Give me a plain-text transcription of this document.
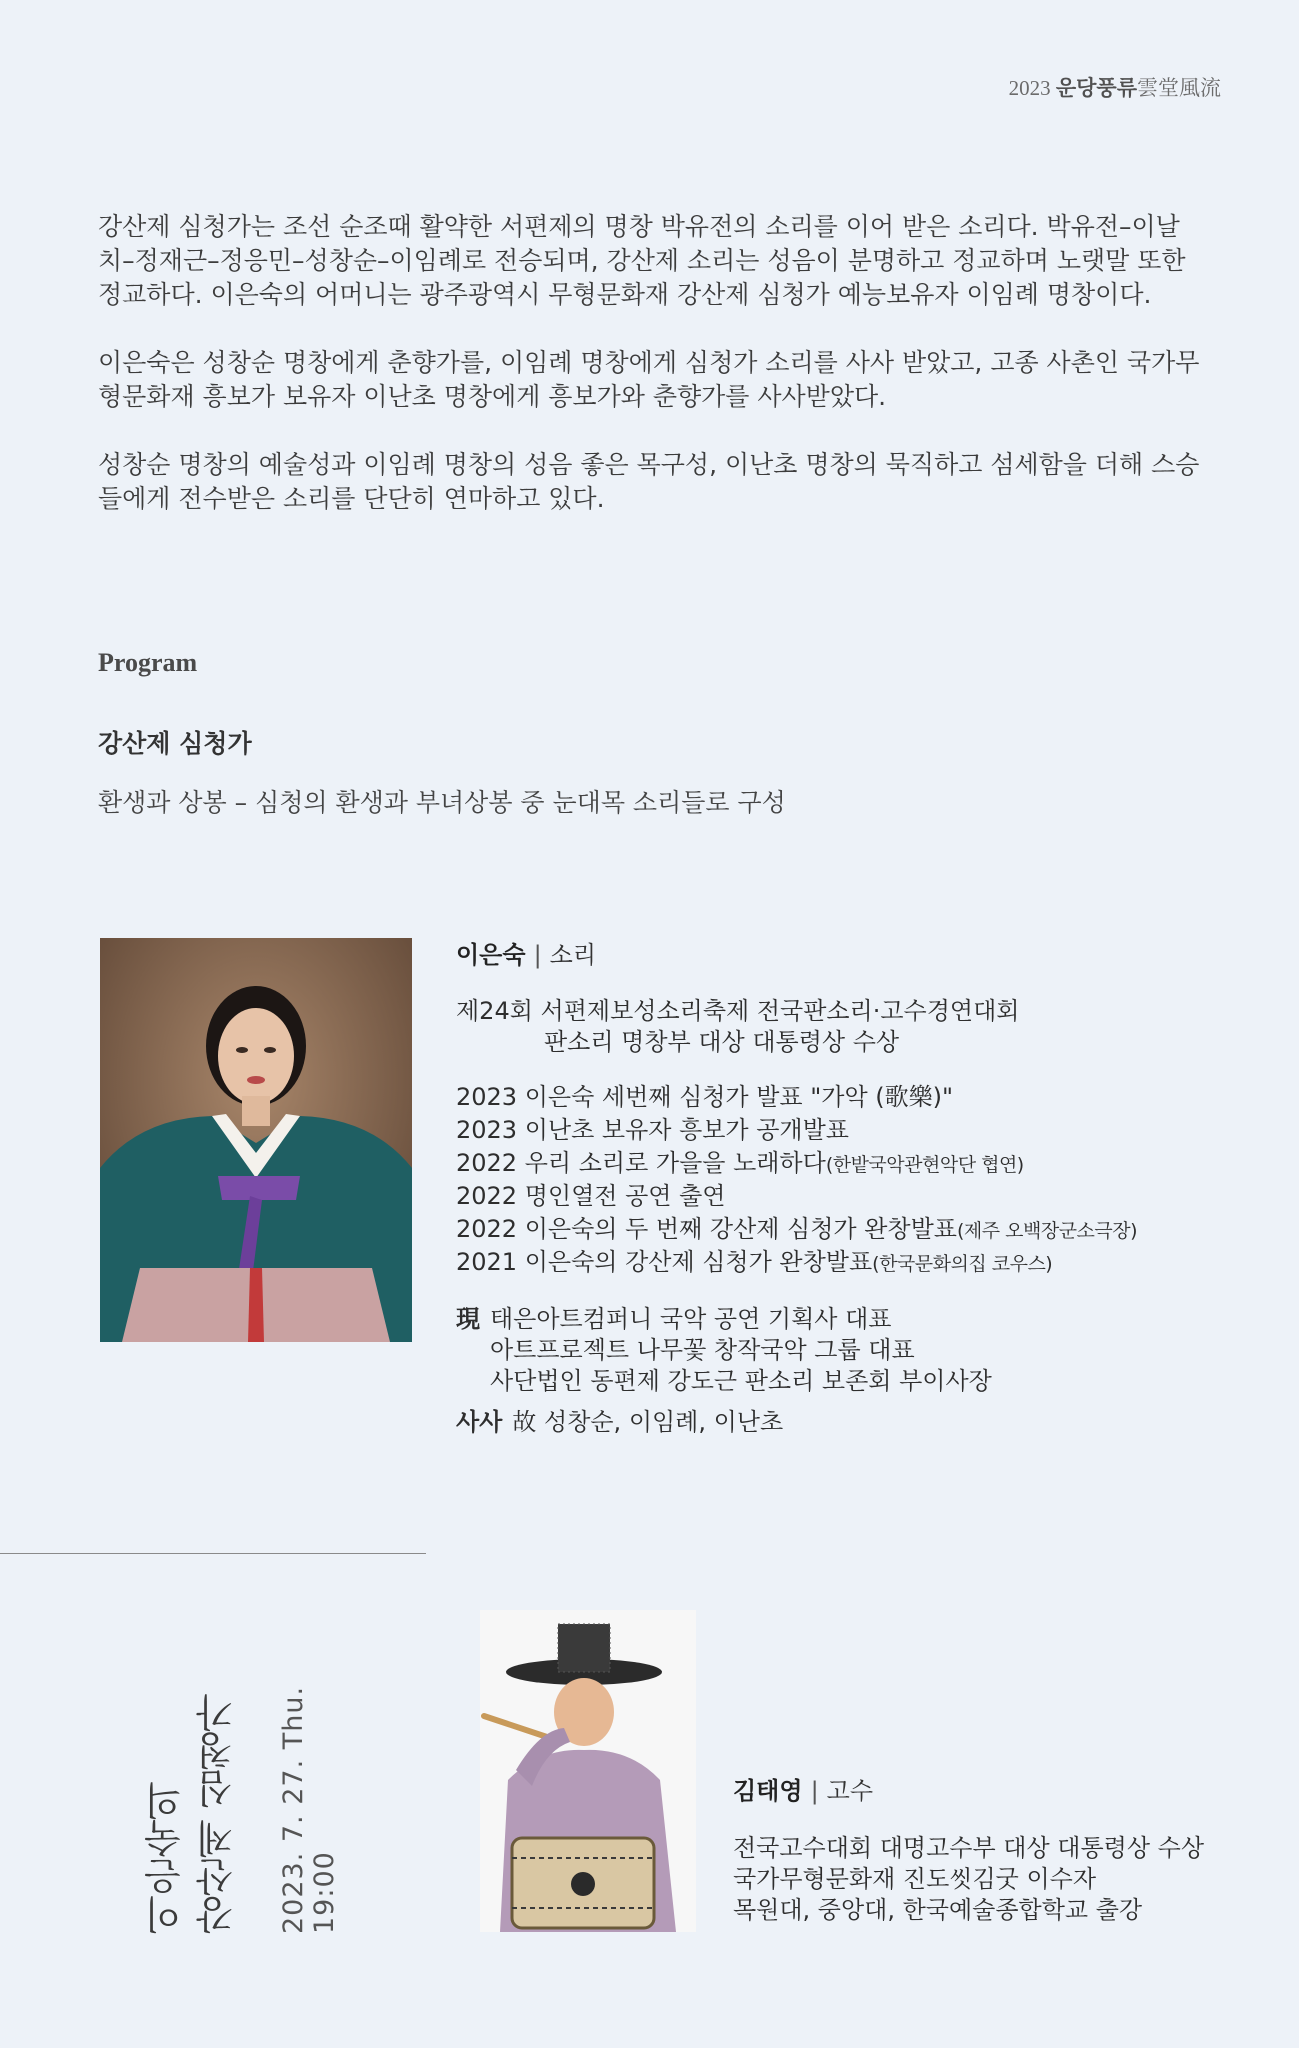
2023 운당풍류雲堂風流

강산제 심청가는 조선 순조때 활약한 서편제의 명창 박유전의 소리를 이어 받은 소리다. 박유전–이날치–정재근–정응민–성창순–이임례로 전승되며, 강산제 소리는 성음이 분명하고 정교하며 노랫말 또한 정교하다. 이은숙의 어머니는 광주광역시 무형문화재 강산제 심청가 예능보유자 이임례 명창이다.

이은숙은 성창순 명창에게 춘향가를, 이임례 명창에게 심청가 소리를 사사 받았고, 고종 사촌인 국가무형문화재 흥보가 보유자 이난초 명창에게 흥보가와 춘향가를 사사받았다.

성창순 명창의 예술성과 이임례 명창의 성음 좋은 목구성, 이난초 명창의 묵직하고 섬세함을 더해 스승들에게 전수받은 소리를 단단히 연마하고 있다.

Program
강산제 심청가
환생과 상봉 – 심청의 환생과 부녀상봉 중 눈대목 소리들로 구성
이은숙 | 소리
제24회 서편제보성소리축제 전국판소리·고수경연대회
판소리 명창부 대상 대통령상 수상
2023 이은숙 세번째 심청가 발표 "가악 (歌樂)"
2023 이난초 보유자 흥보가 공개발표
2022 우리 소리로 가을을 노래하다(한밭국악관현악단 협연)
2022 명인열전 공연 출연
2022 이은숙의 두 번째 강산제 심청가 완창발표(제주 오백장군소극장)
2021 이은숙의 강산제 심청가 완창발표(한국문화의집 코우스)
現 태은아트컴퍼니 국악 공연 기획사 대표
아트프로젝트 나무꽃 창작국악 그룹 대표
사단법인 동편제 강도근 판소리 보존회 부이사장
사사 故 성창순, 이임례, 이난초
이은숙의 강산제 심청가 2023. 7. 27. Thu. 19:00
김태영 | 고수
전국고수대회 대명고수부 대상 대통령상 수상
국가무형문화재 진도씻김굿 이수자
목원대, 중앙대, 한국예술종합학교 출강
